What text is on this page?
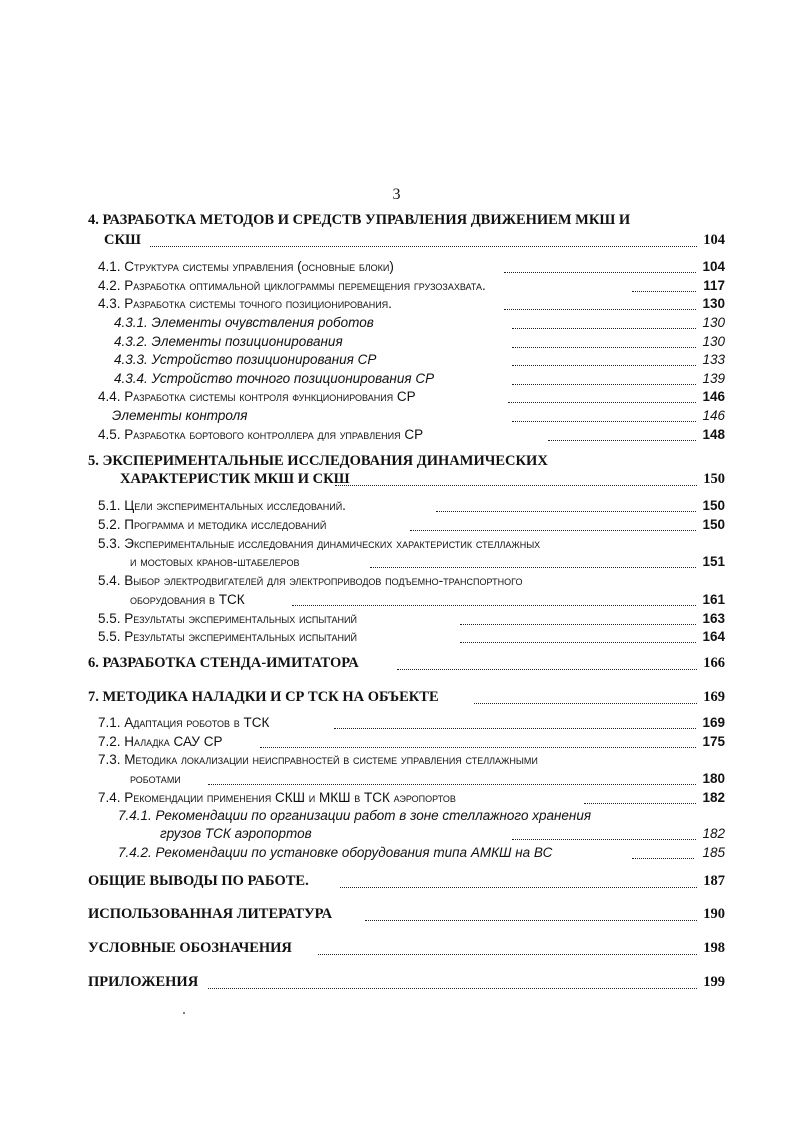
3
4. РАЗРАБОТКА МЕТОДОВ И СРЕДСТВ УПРАВЛЕНИЯ ДВИЖЕНИЕМ МКШ И
СКШ	104
4.1. Структура системы управления (основные блоки)	104
4.2. Разработка оптимальной циклограммы перемещения грузозахвата.	117
4.3. Разработка системы точного позиционирования.	130
4.3.1. Элементы очувствления роботов	130
4.3.2. Элементы позиционирования	130
4.3.3. Устройство позиционирования СР	133
4.3.4. Устройство точного позиционирования СР	139
4.4. Разработка системы контроля функционирования СР	146
Элементы контроля	146
4.5. Разработка бортового контроллера для управления СР	148
5. ЭКСПЕРИМЕНТАЛЬНЫЕ ИССЛЕДОВАНИЯ ДИНАМИЧЕСКИХ
ХАРАКТЕРИСТИК МКШ И СКШ	150
5.1. Цели экспериментальных исследований.	150
5.2. Программа и методика исследований	150
5.3. Экспериментальные исследования динамических характеристик стеллажных
и мостовых кранов-штабелеров	151
5.4. Выбор электродвигателей для электроприводов подъемно-транспортного
оборудования в ТСК	161
5.5. Результаты экспериментальных испытаний	163
5.5. Результаты экспериментальных испытаний	164
6. РАЗРАБОТКА СТЕНДА-ИМИТАТОРА	166
7. МЕТОДИКА НАЛАДКИ И СР ТСК НА ОБЪЕКТЕ	169
7.1. Адаптация роботов в ТСК	169
7.2. Наладка САУ СР	175
7.3. Методика локализации неисправностей в системе управления стеллажными
роботами	180
7.4. Рекомендации применения СКШ и МКШ в ТСК аэропортов	182
7.4.1. Рекомендации по организации работ в зоне стеллажного хранения
грузов ТСК аэропортов	182
7.4.2. Рекомендации по установке оборудования типа АМКШ на ВС	185
ОБЩИЕ ВЫВОДЫ ПО РАБОТЕ.	187
ИСПОЛЬЗОВАННАЯ ЛИТЕРАТУРА	190
УСЛОВНЫЕ ОБОЗНАЧЕНИЯ	198
ПРИЛОЖЕНИЯ	199
